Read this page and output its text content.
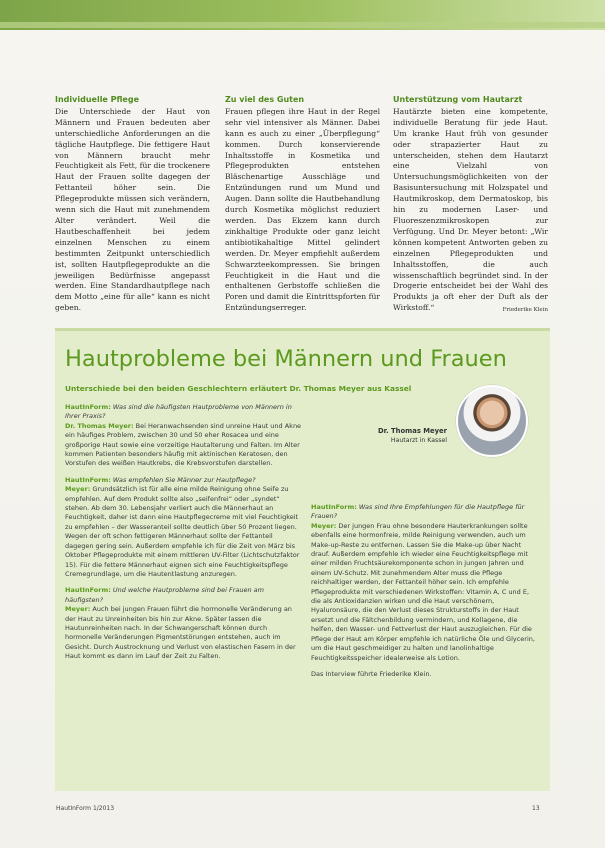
Individuelle Pflege

Die Unterschiede der Haut von Männern und Frauen bedeuten aber unterschiedliche Anforderungen an die tägliche Hautpflege. Die fettigere Haut von Männern braucht mehr Feuchtigkeit als Fett, für die trockenere Haut der Frauen sollte dagegen der Fettanteil höher sein. Die Pflegeprodukte müssen sich verändern, wenn sich die Haut mit zunehmendem Alter verändert. Weil die Hautbeschaffenheit bei jedem einzelnen Menschen zu einem bestimmten Zeitpunkt unterschiedlich ist, sollten Hautpflegeprodukte an die jeweiligen Bedürfnisse angepasst werden. Eine Standardhautpflege nach dem Motto „eine für alle“ kann es nicht geben.

Zu viel des Guten

Frauen pflegen ihre Haut in der Regel sehr viel intensiver als Männer. Dabei kann es auch zu einer „Überpflegung“ kommen. Durch konservierende Inhaltsstoffe in Kosmetika und Pflegeprodukten entstehen Bläschenartige Ausschläge und Entzündungen rund um Mund und Augen. Dann sollte die Hautbehandlung durch Kosmetika möglichst reduziert werden. Das Ekzem kann durch zinkhaltige Produkte oder ganz leicht antibiotikahaltige Mittel gelindert werden. Dr. Meyer empfiehlt außerdem Schwarzteekompressen. Sie bringen Feuchtigkeit in die Haut und die enthaltenen Gerbstoffe schließen die Poren und damit die Eintrittspforten für Entzündungserreger.

Unterstützung vom Hautarzt

Hautärzte bieten eine kompetente, individuelle Beratung für jede Haut. Um kranke Haut früh von gesunder oder strapazierter Haut zu unterscheiden, stehen dem Hautarzt eine Vielzahl von Untersuchungsmöglichkeiten von der Basisuntersuchung mit Holzspatel und Hautmikroskop, dem Dermatoskop, bis hin zu modernen Laser- und Fluoreszenzmikroskopen zur Verfügung. Und Dr. Meyer betont: „Wir können kompetent Antworten geben zu einzelnen Pflegeprodukten und Inhaltsstoffen, die auch wissenschaftlich begründet sind. In der Drogerie entscheidet bei der Wahl des Produkts ja oft eher der Duft als der Wirkstoff.“	Friederike Klein
Hautprobleme bei Männern und Frauen
Unterschiede bei den beiden Geschlechtern erläutert Dr. Thomas Meyer aus Kassel
Dr. Thomas Meyer
Hautarzt in Kassel

HautInForm: Was sind die häufigsten Hautprobleme von Männern in Ihrer Praxis?
Dr. Thomas Meyer: Bei Heranwachsenden sind unreine Haut und Akne ein häufiges Problem, zwischen 30 und 50 eher Rosacea und eine großporige Haut sowie eine vorzeitige Hautalterung und Falten. Im Alter kommen Patienten besonders häufig mit aktinischen Keratosen, den Vorstufen des weißen Hautkrebs, die Krebsvorstufen darstellen.

HautInForm: Was empfehlen Sie Männer zur Hautpflege?
Meyer: Grundsätzlich ist für alle eine milde Reinigung ohne Seife zu empfehlen. Auf dem Produkt sollte also „seifenfrei“ oder „syndet“ stehen. Ab dem 30. Lebensjahr verliert auch die Männerhaut an Feuchtigkeit, daher ist dann eine Hautpflegecreme mit viel Feuchtigkeit zu empfehlen – der Wasseranteil sollte deutlich über 50 Prozent liegen. Wegen der oft schon fettigeren Männerhaut sollte der Fettanteil dagegen gering sein. Außerdem empfehle ich für die Zeit von März bis Oktober Pflegeprodukte mit einem mittleren UV-Filter (Lichtschutzfaktor 15). Für die fettere Männerhaut eignen sich eine Feuchtigkeitspflege Cremegrundlage, um die Hautentlastung anzuregen.

HautInForm: Und welche Hautprobleme sind bei Frauen am häufigsten?
Meyer: Auch bei jungen Frauen führt die hormonelle Veränderung an der Haut zu Unreinheiten bis hin zur Akne. Später lassen die Hautunreinheiten nach. In der Schwangerschaft können durch hormonelle Veränderungen Pigmentstörungen entstehen, auch im Gesicht. Durch Austrocknung und Verlust von elastischen Fasern in der Haut kommt es dann im Lauf der Zeit zu Falten.

HautInForm: Was sind Ihre Empfehlungen für die Hautpflege für Frauen?
Meyer: Der jungen Frau ohne besondere Hauterkrankungen sollte ebenfalls eine hormonfreie, milde Reinigung verwenden, auch um Make-up-Reste zu entfernen. Lassen Sie die Make-up über Nacht drauf. Außerdem empfehle ich wieder eine Feuchtigkeitspflege mit einer milden Fruchtsäurekomponente schon in jungen Jahren und einem UV-Schutz. Mit zunehmendem Alter muss die Pflege reichhaltiger werden, der Fettanteil höher sein. Ich empfehle Pflegeprodukte mit verschiedenen Wirkstoffen: Vitamin A, C und E, die als Antioxidanzien wirken und die Haut verschönern, Hyaluronsäure, die den Verlust dieses Strukturstoffs in der Haut ersetzt und die Fältchenbildung vermindern, und Kollagene, die helfen, den Wasser- und Fettverlust der Haut auszugleichen. Für die Pflege der Haut am Körper empfehle ich natürliche Öle und Glycerin, um die Haut geschmeidiger zu halten und lanolinhaltige Feuchtigkeitsspeicher idealerweise als Lotion.

Das Interview führte Friederike Klein.

HautInForm 1/2013	13
